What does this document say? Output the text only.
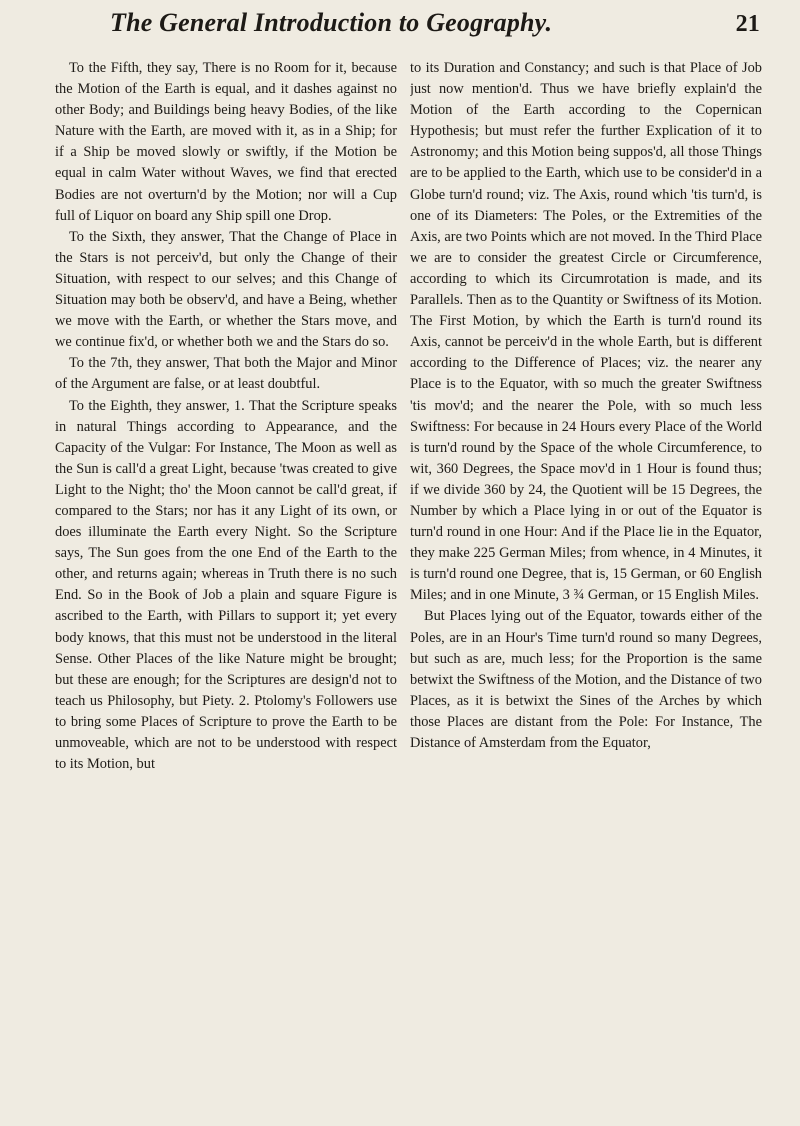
The General Introduction to Geography.	21

To the Fifth, they say, There is no Room for it, because the Motion of the Earth is equal, and it dashes against no other Body; and Buildings being heavy Bodies, of the like Nature with the Earth, are moved with it, as in a Ship; for if a Ship be moved slowly or swiftly, if the Motion be equal in calm Water without Waves, we find that erected Bodies are not overturn'd by the Motion; nor will a Cup full of Liquor on board any Ship spill one Drop.

To the Sixth, they answer, That the Change of Place in the Stars is not perceiv'd, but only the Change of their Situation, with respect to our selves; and this Change of Situation may both be observ'd, and have a Being, whether we move with the Earth, or whether the Stars move, and we continue fix'd, or whether both we and the Stars do so.

To the 7th, they answer, That both the Major and Minor of the Argument are false, or at least doubtful.

To the Eighth, they answer, 1. That the Scripture speaks in natural Things according to Appearance, and the Capacity of the Vulgar: For Instance, The Moon as well as the Sun is call'd a great Light, because 'twas created to give Light to the Night; tho' the Moon cannot be call'd great, if compared to the Stars; nor has it any Light of its own, or does illuminate the Earth every Night. So the Scripture says, The Sun goes from the one End of the Earth to the other, and returns again; whereas in Truth there is no such End. So in the Book of Job a plain and square Figure is ascribed to the Earth, with Pillars to support it; yet every body knows, that this must not be understood in the literal Sense. Other Places of the like Nature might be brought; but these are enough; for the Scriptures are design'd not to teach us Philosophy, but Piety. 2. Ptolomy's Followers use to bring some Places of Scripture to prove the Earth to be unmoveable, which are not to be understood with respect to its Motion, but

to its Duration and Constancy; and such is that Place of Job just now mention'd. Thus we have briefly explain'd the Motion of the Earth according to the Copernican Hypothesis; but must refer the further Explication of it to Astronomy; and this Motion being suppos'd, all those Things are to be applied to the Earth, which use to be consider'd in a Globe turn'd round; viz. The Axis, round which 'tis turn'd, is one of its Diameters: The Poles, or the Extremities of the Axis, are two Points which are not moved. In the Third Place we are to consider the greatest Circle or Circumference, according to which its Circumrotation is made, and its Parallels. Then as to the Quantity or Swiftness of its Motion. The First Motion, by which the Earth is turn'd round its Axis, cannot be perceiv'd in the whole Earth, but is different according to the Difference of Places; viz. the nearer any Place is to the Equator, with so much the greater Swiftness 'tis mov'd; and the nearer the Pole, with so much less Swiftness: For because in 24 Hours every Place of the World is turn'd round by the Space of the whole Circumference, to wit, 360 Degrees, the Space mov'd in 1 Hour is found thus; if we divide 360 by 24, the Quotient will be 15 Degrees, the Number by which a Place lying in or out of the Equator is turn'd round in one Hour: And if the Place lie in the Equator, they make 225 German Miles; from whence, in 4 Minutes, it is turn'd round one Degree, that is, 15 German, or 60 English Miles; and in one Minute, 3 ¾ German, or 15 English Miles.

But Places lying out of the Equator, towards either of the Poles, are in an Hour's Time turn'd round so many Degrees, but such as are, much less; for the Proportion is the same betwixt the Swiftness of the Motion, and the Distance of two Places, as it is betwixt the Sines of the Arches by which those Places are distant from the Pole: For Instance, The Distance of Amsterdam from the Equator,
